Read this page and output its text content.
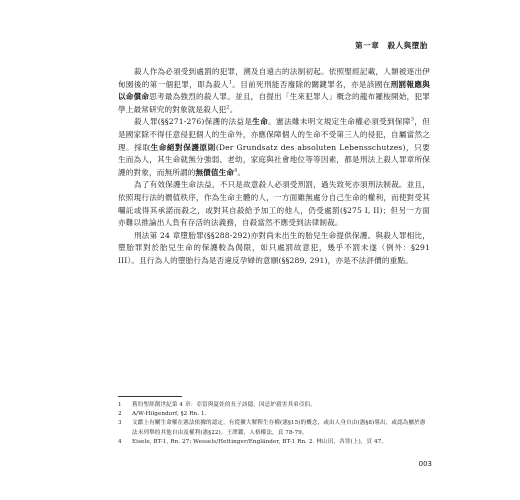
第一章　殺人與墮胎

殺人作為必須受到處罰的犯罪，溯及自遠古的法制初起。依照聖經記載，人類被逐出伊甸園後的第一個犯罪，即為殺人$^1$。目前死刑能否廢除的關鍵罪名，亦是該國在刑罰報應與以命償命思考最為強烈的殺人罪。並且，自提出「生來犯罪人」概念的龍布羅梭開始，犯罪學上最常研究的對象就是殺人犯$^2$。

殺人罪(§§271-276)保護的法益是生命。憲法雖未明文規定生命權必須受到保障$^3$，但是國家除不得任意侵犯個人的生命外，亦應保障個人的生命不受第三人的侵犯，自屬當然之理。採取生命絕對保護原則(Der Grundsatz des absoluten Lebensschutzes)，只要生而為人，其生命就無分強弱、老幼，家庭與社會地位等等因素，都是刑法上殺人罪章所保護的對象，而無所謂的無價值生命$^4$。

為了有效保護生命法益，不只是故意殺人必須受刑罰，過失致死亦須刑法制裁。並且，依照現行法的價值秩序，作為生命主體的人，一方面雖無處分自己生命的權利，而使對受其囑託或得其承諾而殺之，或對其自殺給予加工的他人，仍受處罰(§275 I, II)；但另一方面亦難以推論出人負有存活的法義務，自殺當然不應受到法律制裁。

刑法第 24 章墮胎罪(§§288-292)亦對尚未出生的胎兒生命提供保護。與殺人罪相比，墮胎罪對於胎兒生命的保護較為侷限，如只處罰故意犯，幾乎不罰未遂（例外：§291 III）。且行為人的墮胎行為是否違反孕婦的意願(§§289, 291)，亦是不法評價的重點。

1	舊約聖經創世紀第 4 章：亞當與夏娃的長子該隱，因忌妒殺害其弟亞伯。
2	A/W-Hilgendorf, §2 Rn. 1.
3	文獻上有關生命權在憲法依據的認定，有從擴大解釋生存權(憲§15)的概念，或由人身自由(憲§8)導出，或認為屬於憲法未列舉的其他自由及權利(憲§22)。王澤鑑，人格權法，頁 78-79。
4	Eisele, BT-1, Rn. 27; Wessels/Hettinger/Engländer, BT-1 Rn. 2. 林山田，各罪(上)，頁 47。
003
